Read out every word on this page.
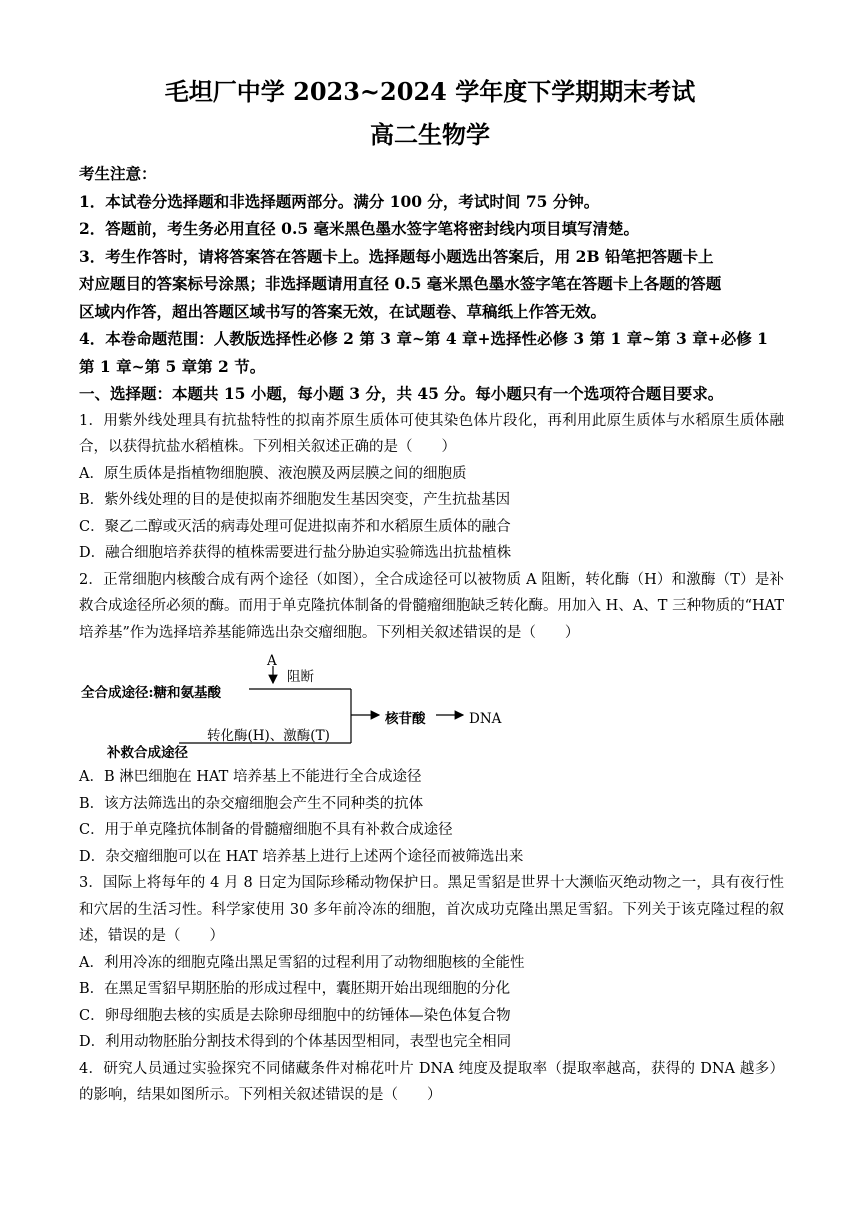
毛坦厂中学 2023~2024 学年度下学期期末考试
高二生物学
考生注意：
1．本试卷分选择题和非选择题两部分。满分 100 分，考试时间 75 分钟。
2．答题前，考生务必用直径 0.5 毫米黑色墨水签字笔将密封线内项目填写清楚。
3．考生作答时，请将答案答在答题卡上。选择题每小题选出答案后，用 2B 铅笔把答题卡上
对应题目的答案标号涂黑；非选择题请用直径 0.5 毫米黑色墨水签字笔在答题卡上各题的答题
区域内作答，超出答题区域书写的答案无效，在试题卷、草稿纸上作答无效。
4．本卷命题范围：人教版选择性必修 2 第 3 章~第 4 章+选择性必修 3 第 1 章~第 3 章+必修 1
第 1 章~第 5 章第 2 节。
一、选择题：本题共 15 小题，每小题 3 分，共 45 分。每小题只有一个选项符合题目要求。
1．用紫外线处理具有抗盐特性的拟南芥原生质体可使其染色体片段化，再利用此原生质体与水稻原生质体融合，以获得抗盐水稻植株。下列相关叙述正确的是（　　）
A．原生质体是指植物细胞膜、液泡膜及两层膜之间的细胞质
B．紫外线处理的目的是使拟南芥细胞发生基因突变，产生抗盐基因
C．聚乙二醇或灭活的病毒处理可促进拟南芥和水稻原生质体的融合
D．融合细胞培养获得的植株需要进行盐分胁迫实验筛选出抗盐植株
2．正常细胞内核酸合成有两个途径（如图），全合成途径可以被物质 A 阻断，转化酶（H）和激酶（T）是补救合成途径所必须的酶。而用于单克隆抗体制备的骨髓瘤细胞缺乏转化酶。用加入 H、A、T 三种物质的“HAT 培养基”作为选择培养基能筛选出杂交瘤细胞。下列相关叙述错误的是（　　）
A
阻断
全合成途径:糖和氨基酸
转化酶(H)、激酶(T)
补救合成途径
核苷酸	DNA
A．B 淋巴细胞在 HAT 培养基上不能进行全合成途径
B．该方法筛选出的杂交瘤细胞会产生不同种类的抗体
C．用于单克隆抗体制备的骨髓瘤细胞不具有补救合成途径
D．杂交瘤细胞可以在 HAT 培养基上进行上述两个途径而被筛选出来
3．国际上将每年的 4 月 8 日定为国际珍稀动物保护日。黑足雪貂是世界十大濒临灭绝动物之一，具有夜行性和穴居的生活习性。科学家使用 30 多年前冷冻的细胞，首次成功克隆出黑足雪貂。下列关于该克隆过程的叙述，错误的是（　　）
A．利用冷冻的细胞克隆出黑足雪貂的过程利用了动物细胞核的全能性
B．在黑足雪貂早期胚胎的形成过程中，囊胚期开始出现细胞的分化
C．卵母细胞去核的实质是去除卵母细胞中的纺锤体—染色体复合物
D．利用动物胚胎分割技术得到的个体基因型相同，表型也完全相同
4．研究人员通过实验探究不同储藏条件对棉花叶片 DNA 纯度及提取率（提取率越高，获得的 DNA 越多）的影响，结果如图所示。下列相关叙述错误的是（　　）
